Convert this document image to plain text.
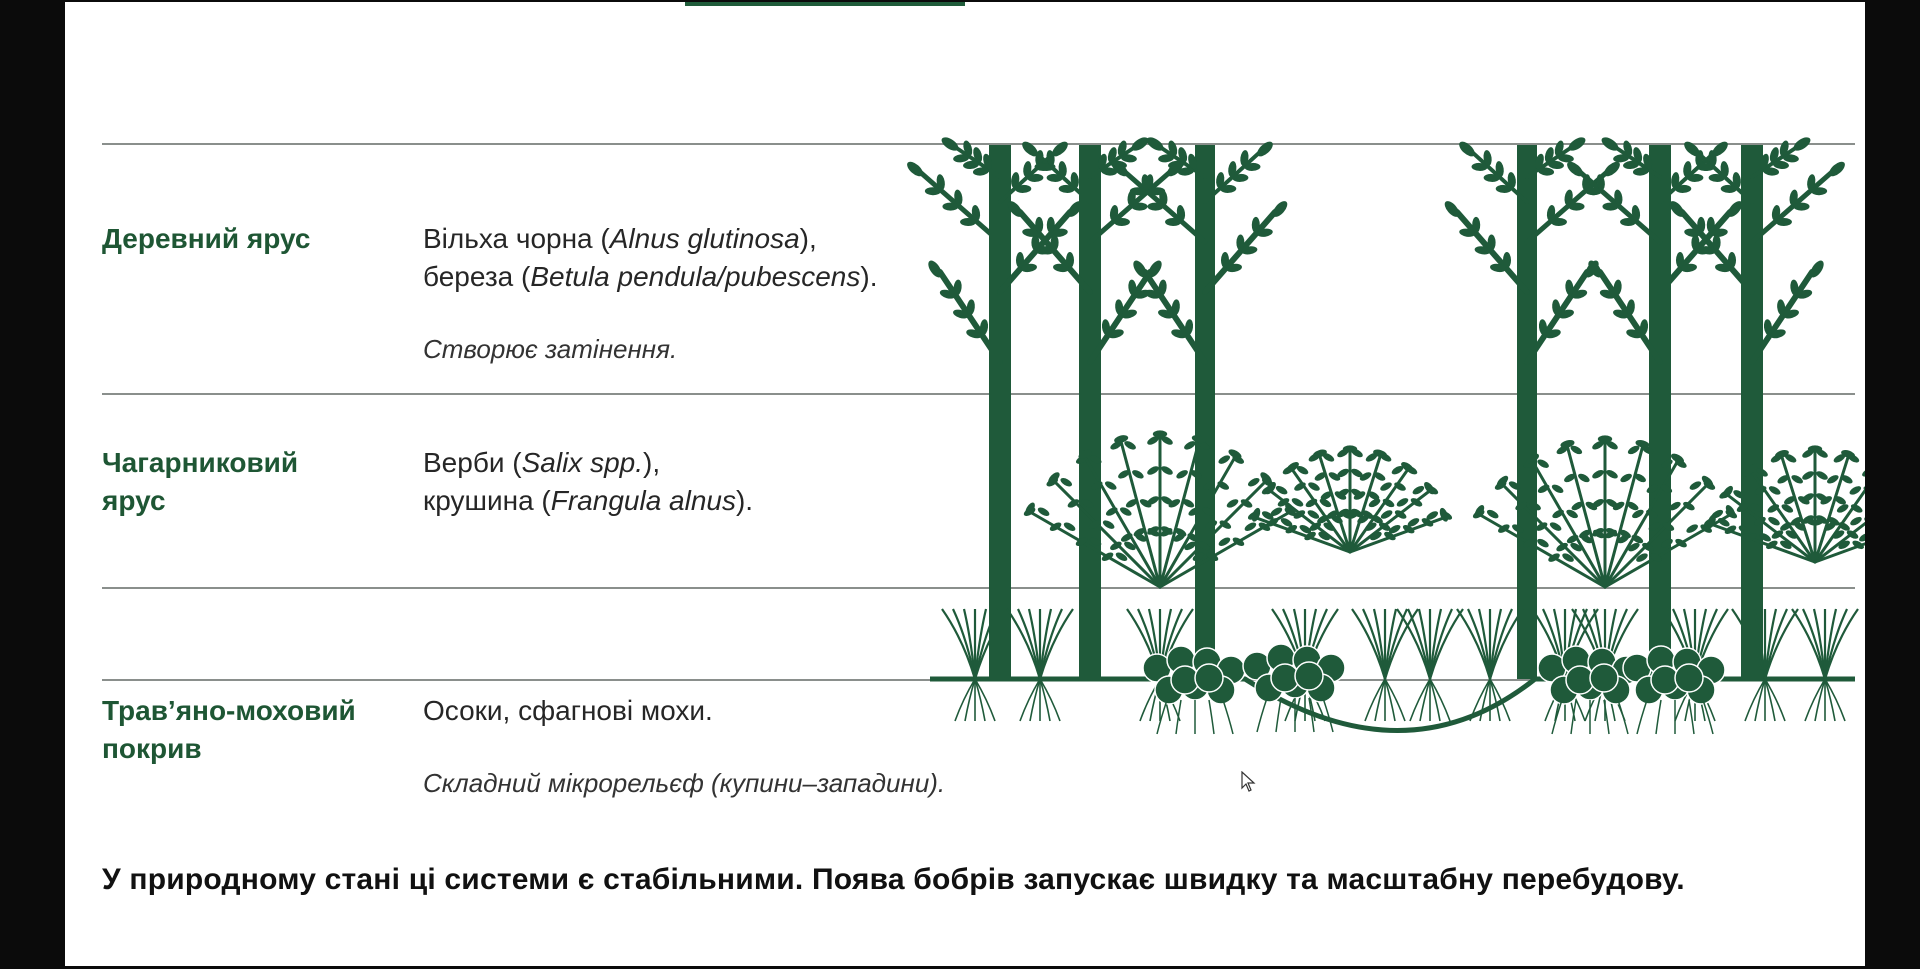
Деревний ярус	Вільха чорна (Alnus glutinosa),
береза (Betula pendula/pubescens).
Створює затінення.
Чагарниковий
ярус
Верби (Salix spp.),
крушина (Frangula alnus).
Трав’яно-моховий
покрив
Осоки, сфагнові мохи.
Складний мікрорельєф (купини–западини).
У природному стані ці системи є стабільними. Поява бобрів запускає швидку та масштабну перебудову.
